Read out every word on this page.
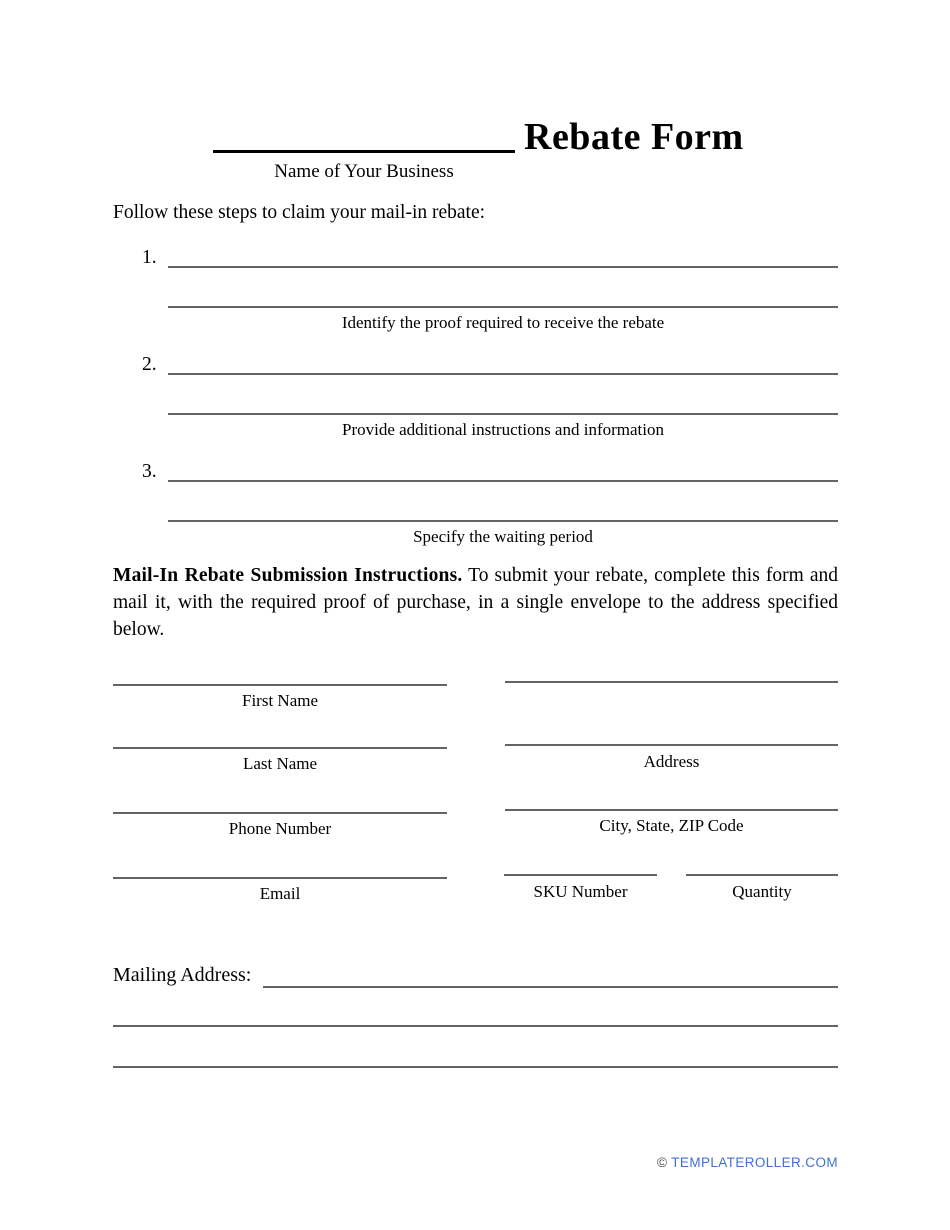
Rebate Form
Name of Your Business
Follow these steps to claim your mail-in rebate:
1.
Identify the proof required to receive the rebate
2.
Provide additional instructions and information
3.
Specify the waiting period
Mail-In Rebate Submission Instructions. To submit your rebate, complete this form and mail it, with the required proof of purchase, in a single envelope to the address specified below.
First Name
Last Name
Phone Number
Email
Address
City, State, ZIP Code
SKU Number	Quantity
Mailing Address:
© TEMPLATEROLLER.COM
